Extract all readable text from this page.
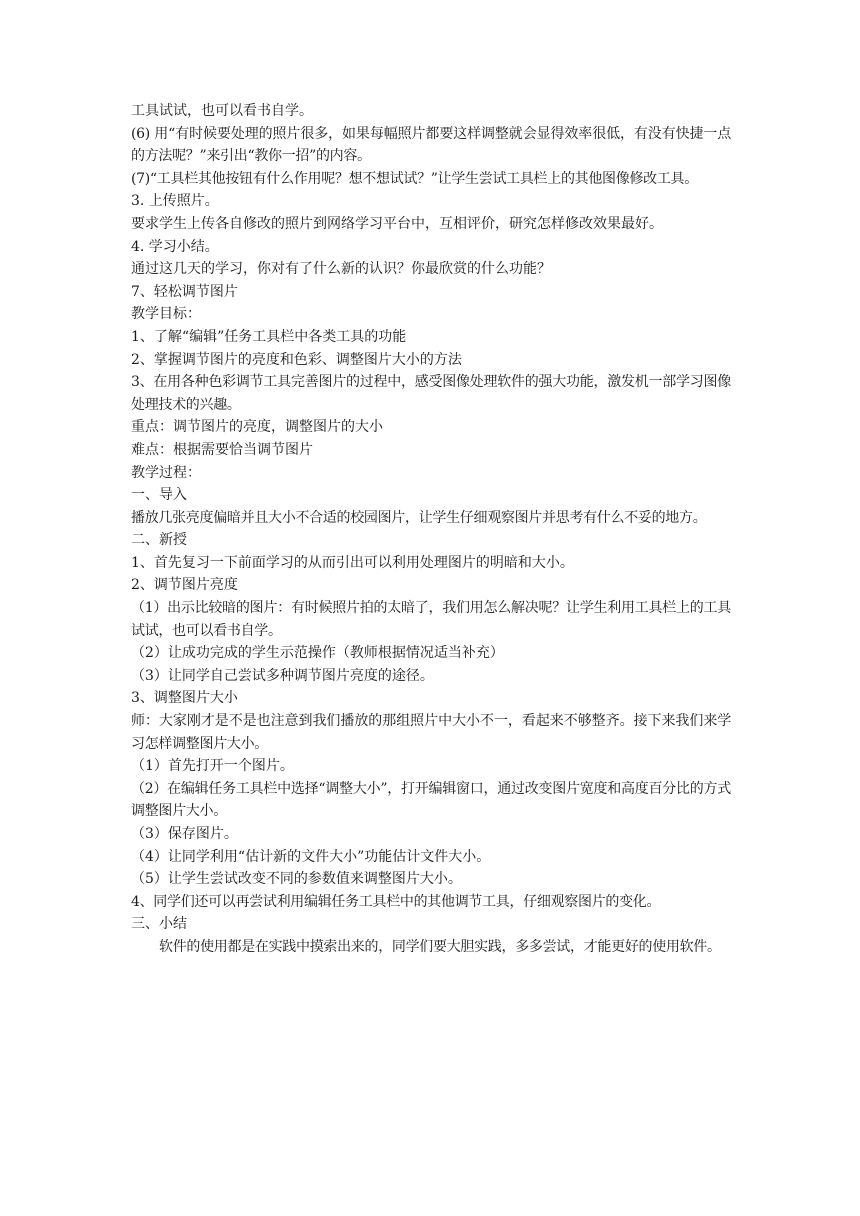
工具试试，也可以看书自学。

(6) 用“有时候要处理的照片很多，如果每幅照片都要这样调整就会显得效率很低，有没有快捷一点的方法呢？”来引出“教你一招”的内容。

(7)“工具栏其他按钮有什么作用呢？想不想试试？”让学生尝试工具栏上的其他图像修改工具。

3. 上传照片。

要求学生上传各自修改的照片到网络学习平台中，互相评价，研究怎样修改效果最好。

4. 学习小结。

通过这几天的学习，你对有了什么新的认识？你最欣赏的什么功能？

7、轻松调节图片

教学目标：

1、了解“编辑”任务工具栏中各类工具的功能

2、掌握调节图片的亮度和色彩、调整图片大小的方法

3、在用各种色彩调节工具完善图片的过程中，感受图像处理软件的强大功能，激发机一部学习图像处理技术的兴趣。

重点：调节图片的亮度，调整图片的大小

难点：根据需要恰当调节图片

教学过程：

一、导入

播放几张亮度偏暗并且大小不合适的校园图片，让学生仔细观察图片并思考有什么不妥的地方。

二、新授

1、首先复习一下前面学习的从而引出可以利用处理图片的明暗和大小。

2、调节图片亮度

（1）出示比较暗的图片：有时候照片拍的太暗了，我们用怎么解决呢？让学生利用工具栏上的工具试试，也可以看书自学。

（2）让成功完成的学生示范操作（教师根据情况适当补充）

（3）让同学自己尝试多种调节图片亮度的途径。

3、调整图片大小

师：大家刚才是不是也注意到我们播放的那组照片中大小不一，看起来不够整齐。接下来我们来学习怎样调整图片大小。

（1）首先打开一个图片。

（2）在编辑任务工具栏中选择“调整大小”，打开编辑窗口，通过改变图片宽度和高度百分比的方式调整图片大小。

（3）保存图片。

（4）让同学利用“估计新的文件大小”功能估计文件大小。

（5）让学生尝试改变不同的参数值来调整图片大小。

4、同学们还可以再尝试利用编辑任务工具栏中的其他调节工具，仔细观察图片的变化。

三、小结

软件的使用都是在实践中摸索出来的，同学们要大胆实践，多多尝试，才能更好的使用软件。
